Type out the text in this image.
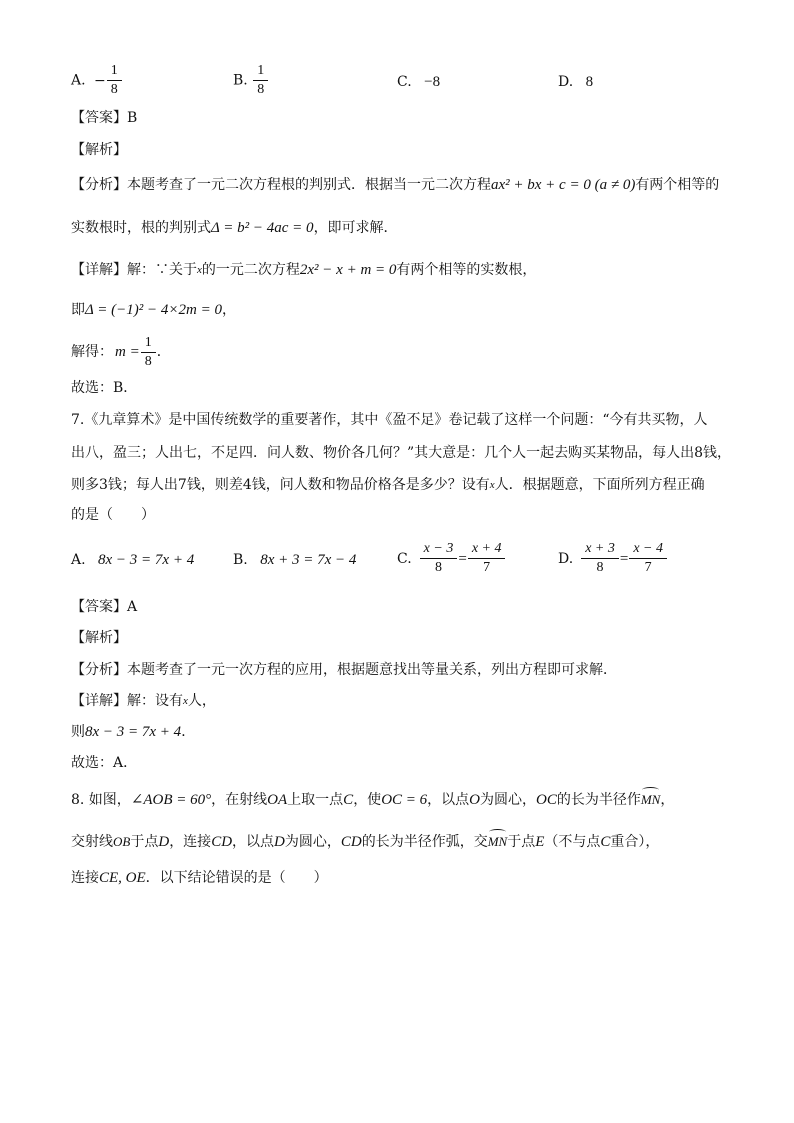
A. − $\frac{1}{8}$	B. $\frac{1}{8}$	C. −8	D. 8
【答案】B
【解析】
【分析】本题考查了一元二次方程根的判别式．根据当一元二次方程ax² + bx + c = 0 (a ≠ 0)有两个相等的
实数根时，根的判别式Δ = b² − 4ac = 0，即可求解．
【详解】解：∵关于$^x$的一元二次方程2x² − x + m = 0有两个相等的实数根，
即Δ = (−1)² − 4×2m = 0，
解得： $m = \frac{1}{8}$ ．
故选：B．
7.《九章算术》是中国传统数学的重要著作，其中《盈不足》卷记载了这样一个问题：“今有共买物，人
出八，盈三；人出七，不足四．问人数、物价各几何？”其大意是：几个人一起去购买某物品，每人出8钱，
则多3钱；每人出7钱，则差4钱，问人数和物品价格各是多少？设有$^x$人．根据题意，下面所列方程正确
的是（　　）
A. 8x − 3 = 7x + 4	B. 8x + 3 = 7x − 4	C. $\frac{x - 3}{8} = \frac{x + 4}{7}$	D. $\frac{x + 3}{8} = \frac{x - 4}{7}$
【答案】A
【解析】
【分析】本题考查了一元一次方程的应用，根据题意找出等量关系，列出方程即可求解．
【详解】解：设有$^x$人，
则8x − 3 = 7x + 4．
故选：A．
8. 如图，∠AOB = 60°，在射线OA上取一点C，使OC = 6，以点O为圆心，OC的长为半径作MN，
交射线OB于点D，连接CD，以点D为圆心，CD的长为半径作弧，交MN于点E（不与点C重合），
连接CE, OE．以下结论错误的是（　　）
